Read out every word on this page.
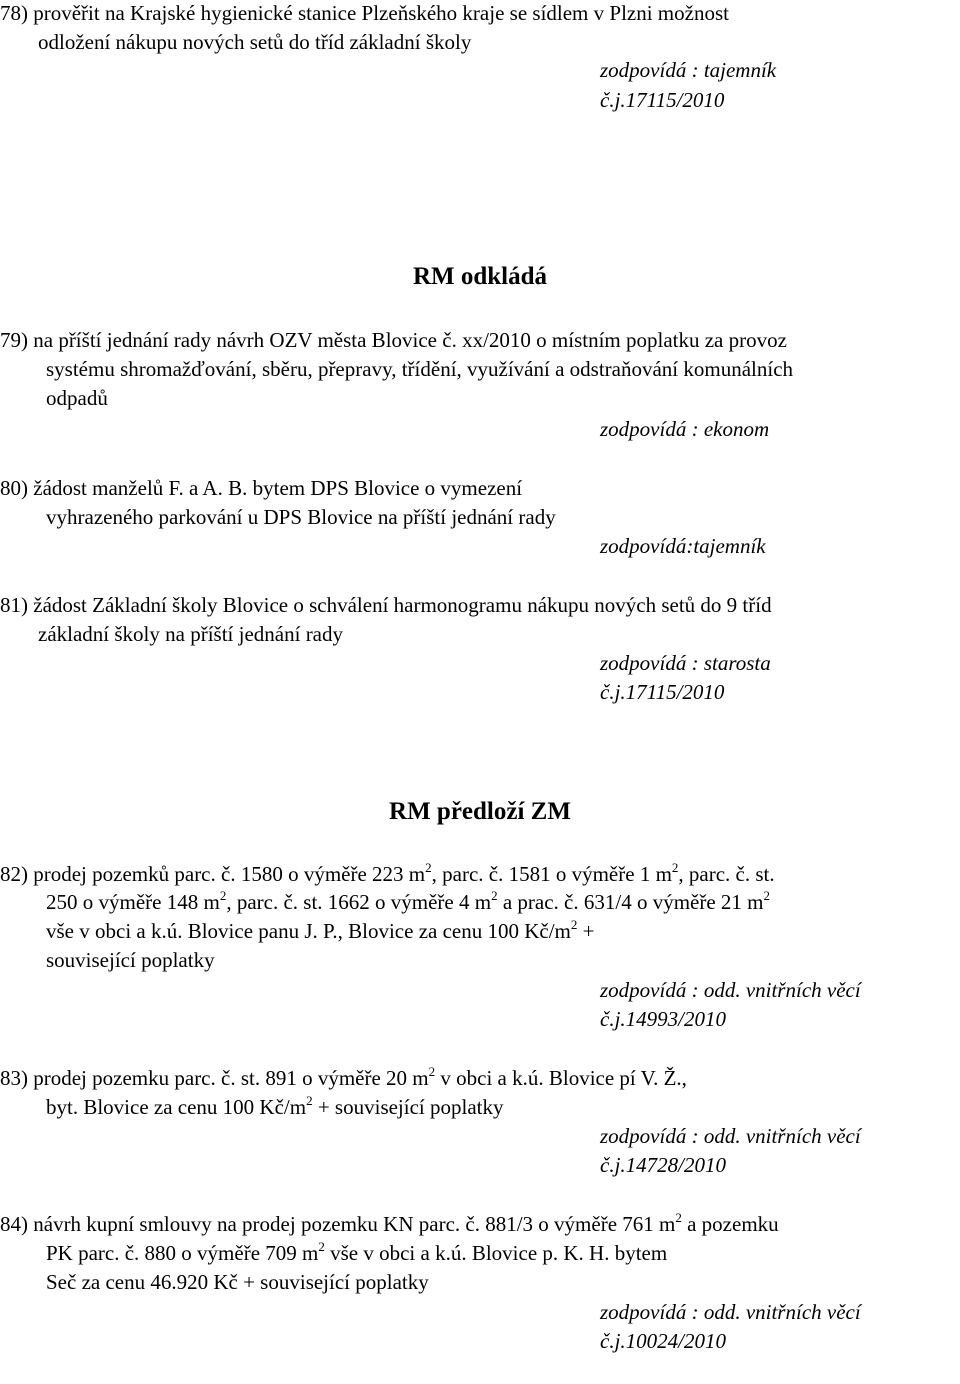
78) prověřit na Krajské hygienické stanice Plzeňského kraje se sídlem v Plzni možnost
odložení nákupu nových setů do tříd základní školy
zodpovídá : tajemník
č.j.17115/2010
RM odkládá
79) na příští jednání rady návrh OZV města Blovice č. xx/2010 o místním poplatku za provoz
systému shromažďování, sběru, přepravy, třídění, využívání a odstraňování komunálních
odpadů
zodpovídá : ekonom
80) žádost manželů F. a A. B. bytem DPS Blovice o vymezení
vyhrazeného parkování u DPS Blovice na příští jednání rady
zodpovídá:tajemník
81) žádost Základní školy Blovice o schválení harmonogramu nákupu nových setů do 9 tříd
základní školy na příští jednání rady
zodpovídá : starosta
č.j.17115/2010
RM předloží ZM
82) prodej pozemků parc. č. 1580 o výměře 223 $m^2$, parc. č. 1581 o výměře 1 $m^2$, parc. č. st.
250 o výměře 148 $m^2$, parc. č. st. 1662 o výměře 4 $m^2$ a prac. č. 631/4 o výměře 21 $m^2$
vše v obci a k.ú. Blovice panu J. P., Blovice za cenu 100 $Kč/m^2$ +
související poplatky
zodpovídá : odd. vnitřních věcí
č.j.14993/2010
83) prodej pozemku parc. č. st. 891 o výměře 20 $m^2$ v obci a k.ú. Blovice pí V. Ž.,
byt. Blovice za cenu 100 $Kč/m^2$ + související poplatky
zodpovídá : odd. vnitřních věcí
č.j.14728/2010
84) návrh kupní smlouvy na prodej pozemku KN parc. č. 881/3 o výměře 761 $m^2$ a pozemku
PK parc. č. 880 o výměře 709 $m^2$ vše v obci a k.ú. Blovice p. K. H. bytem
Seč za cenu 46.920 Kč + související poplatky
zodpovídá : odd. vnitřních věcí
č.j.10024/2010
